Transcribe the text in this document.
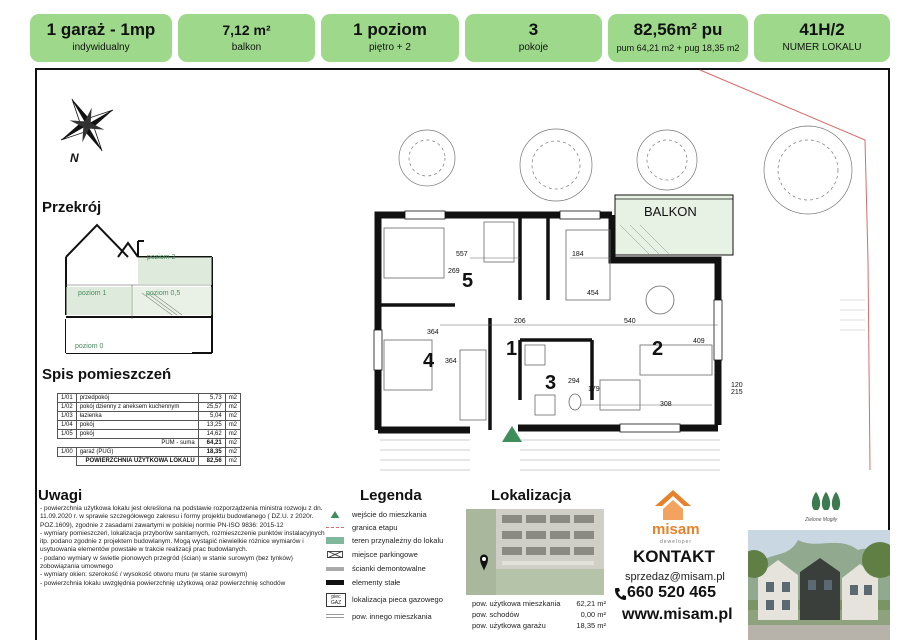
1 garaż - 1mp
indywidualny
7,12 m²
balkon
1 poziom
piętro + 2
3
pokoje
82,56m² pu
pum 64,21 m2 + pug 18,35 m2
41H/2
NUMER LOKALU
N
Przekrój
poziom 2
poziom 1	poziom 0,5
poziom 0
Spis pomieszczeń
1/01	przedpokój	5,73	m2
1/02	pokój dzienny z aneksem kuchennym	25,57	m2
1/03	łazienka	5,04	m2
1/04	pokój	13,25	m2
1/05	pokój	14,62	m2
	PUM - suma	64,21	m2
1/00	garaż (PUG)	18,35	m2
	POWIERZCHNIA UŻYTKOWA LOKALU	82,56	m2
BALKON
5
4
1
3
2
557	184
454
206	540
364
364
294
179
308
409
269
120 215
Uwagi
- powierzchnia użytkowa lokalu jest określona na podstawie rozporządzenia ministra rozwoju z dn. 11.09.2020 r. w sprawie szczegółowego zakresu i formy projektu budowlanego ( DZ.U. z 2020r. POZ.1609), zgodnie z zasadami zawartymi w polskiej normie PN-ISO 9836: 2015-12
- wymiary pomieszczeń, lokalizacja przyborów sanitarnych, rozmieszczenie punktów instalacyjnych itp. podano zgodnie z projektem budowlanym. Mogą wystąpić niewielkie różnice wymiarów i usytuowania elementów powstałe w trakcie realizacji prac budowlanych.
- podano wymiary w świetle pionowych przegród (ścian) w stanie surowym (bez tynków) zobowiązania umownego
- wymiary okien: szerokość / wysokość otworu muru (w stanie surowym)
- powierzchnia lokalu uwzględnia powierzchnię użytkową oraz powierzchnię schodów
Legenda
wejście do mieszkania
granica etapu
teren przynależny do lokalu
miejsce parkingowe
ścianki demontowalne
elementy stałe
piec GAZ	lokalizacja pieca gazowego
pow. innego mieszkania
Lokalizacja
pow. użytkowa mieszkania	62,21 m²
pow. schodów	0,00 m²
pow. użytkowa garażu	18,35 m²
misam
deweloper
Zielone Mogiły
KONTAKT
sprzedaz@misam.pl
660 520 465
www.misam.pl
